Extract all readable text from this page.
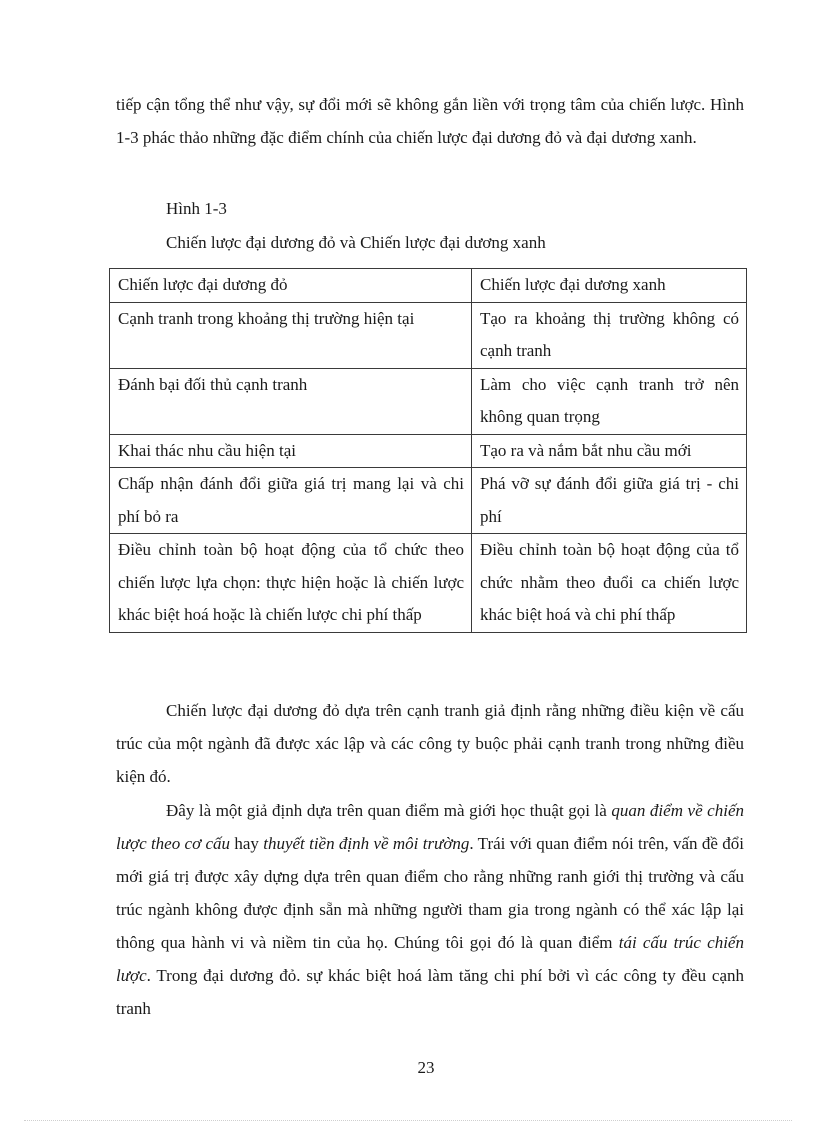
tiếp cận tổng thể như vậy, sự đổi mới sẽ không gắn liền với trọng tâm của chiến lược. Hình 1-3 phác thảo những đặc điểm chính của chiến lược đại dương đỏ và đại dương xanh.

Hình 1-3

Chiến lược đại dương đỏ và Chiến lược đại dương xanh

Chiến lược đại dương đỏ	Chiến lược đại dương xanh
Cạnh tranh trong khoảng thị trường hiện tại	Tạo ra khoảng thị trường không có cạnh tranh
Đánh bại đối thủ cạnh tranh	Làm cho việc cạnh tranh trở nên không quan trọng
Khai thác nhu cầu hiện tại	Tạo ra và nắm bắt nhu cầu mới
Chấp nhận đánh đổi giữa giá trị mang lại và chi phí bỏ ra	Phá vỡ sự đánh đổi giữa giá trị - chi phí
Điều chỉnh toàn bộ hoạt động của tổ chức theo chiến lược lựa chọn: thực hiện hoặc là chiến lược khác biệt hoá hoặc là chiến lược chi phí thấp	Điều chỉnh toàn bộ hoạt động của tổ chức nhằm theo đuổi ca chiến lược khác biệt hoá và chi phí thấp

Chiến lược đại dương đỏ dựa trên cạnh tranh giả định rằng những điều kiện về cấu trúc của một ngành đã được xác lập và các công ty buộc phải cạnh tranh trong những điều kiện đó.

Đây là một giả định dựa trên quan điểm mà giới học thuật gọi là quan điểm về chiến lược theo cơ cấu hay thuyết tiền định về môi trường. Trái với quan điểm nói trên, vấn đề đổi mới giá trị được xây dựng dựa trên quan điểm cho rằng những ranh giới thị trường và cấu trúc ngành không được định sẵn mà những người tham gia trong ngành có thể xác lập lại thông qua hành vi và niềm tin của họ. Chúng tôi gọi đó là quan điểm tái cấu trúc chiến lược. Trong đại dương đỏ. sự khác biệt hoá làm tăng chi phí bởi vì các công ty đều cạnh tranh

23
